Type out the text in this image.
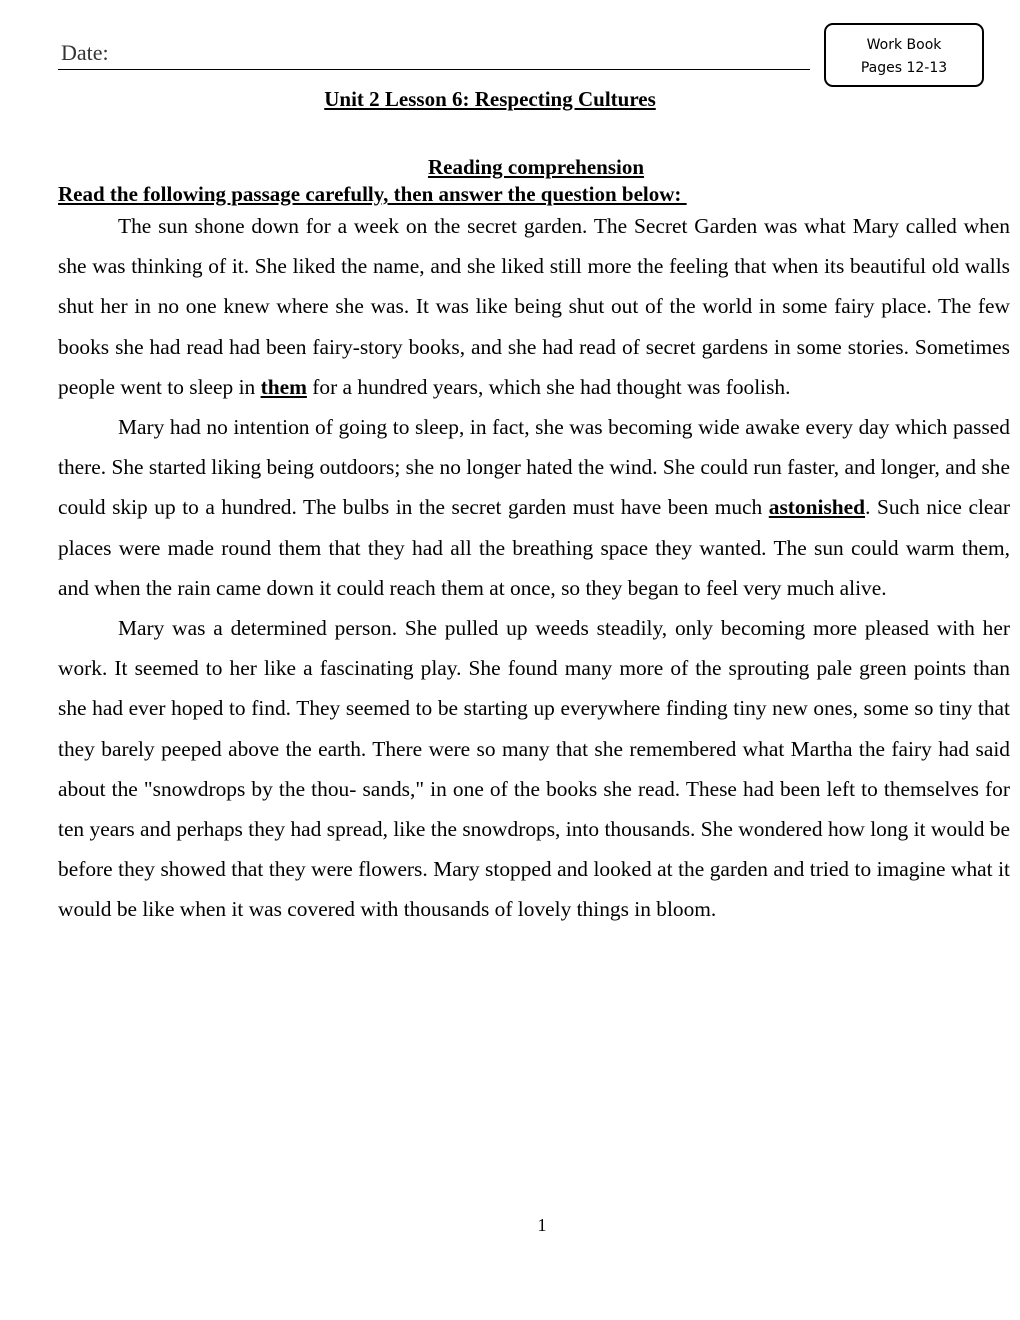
Date:	Work Book
Pages 12-13
Unit 2 Lesson 6: Respecting Cultures
Reading comprehension
Read the following passage carefully, then answer the question below:

The sun shone down for a week on the secret garden. The Secret Garden was what Mary called when she was thinking of it. She liked the name, and she liked still more the feeling that when its beautiful old walls shut her in no one knew where she was. It was like being shut out of the world in some fairy place. The few books she had read had been fairy-story books, and she had read of secret gardens in some stories. Sometimes people went to sleep in them for a hundred years, which she had thought was foolish.

Mary had no intention of going to sleep, in fact, she was becoming wide awake every day which passed there. She started liking being outdoors; she no longer hated the wind. She could run faster, and longer, and she could skip up to a hundred. The bulbs in the secret garden must have been much astonished. Such nice clear places were made round them that they had all the breathing space they wanted. The sun could warm them, and when the rain came down it could reach them at once, so they began to feel very much alive.

Mary was a determined person. She pulled up weeds steadily, only becoming more pleased with her work. It seemed to her like a fascinating play. She found many more of the sprouting pale green points than she had ever hoped to find. They seemed to be starting up everywhere finding tiny new ones, some so tiny that they barely peeped above the earth. There were so many that she remembered what Martha the fairy had said about the "snowdrops by the thou- sands," in one of the books she read. These had been left to themselves for ten years and perhaps they had spread, like the snowdrops, into thousands. She wondered how long it would be before they showed that they were flowers. Mary stopped and looked at the garden and tried to imagine what it would be like when it was covered with thousands of lovely things in bloom.

1
